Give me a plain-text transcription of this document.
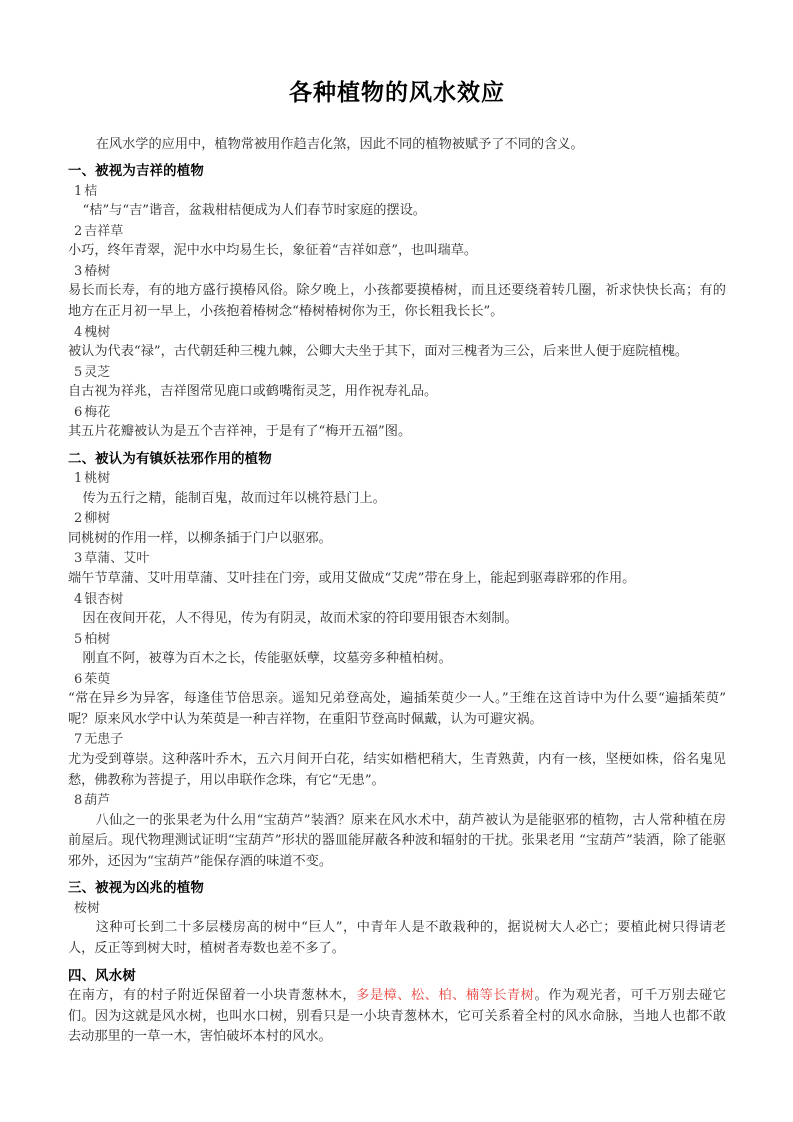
各种植物的风水效应

在风水学的应用中，植物常被用作趋吉化煞，因此不同的植物被赋予了不同的含义。

一、被视为吉祥的植物
1 桔
“桔”与“吉”谐音，盆栽柑桔便成为人们春节时家庭的摆设。
2 吉祥草
小巧，终年青翠，泥中水中均易生长，象征着“吉祥如意”，也叫瑞草。
3 椿树
易长而长寿，有的地方盛行摸椿风俗。除夕晚上，小孩都要摸椿树，而且还要绕着转几圈，祈求快快长高；有的地方在正月初一早上，小孩抱着椿树念“椿树椿树你为王，你长粗我长长”。
4 槐树
被认为代表“禄”，古代朝廷种三槐九棘，公卿大夫坐于其下，面对三槐者为三公，后来世人便于庭院植槐。
5 灵芝
自古视为祥兆，吉祥图常见鹿口或鹤嘴衔灵芝，用作祝寿礼品。
6 梅花
其五片花瓣被认为是五个吉祥神，于是有了“梅开五福”图。
二、被认为有镇妖祛邪作用的植物
1 桃树
传为五行之精，能制百鬼，故而过年以桃符悬门上。
2 柳树
同桃树的作用一样，以柳条插于门户以驱邪。
3 草蒲、艾叶
端午节草蒲、艾叶用草蒲、艾叶挂在门旁，或用艾做成“艾虎”带在身上，能起到驱毒辟邪的作用。
4 银杏树
因在夜间开花，人不得见，传为有阴灵，故而术家的符印要用银杏木刻制。
5 柏树
刚直不阿，被尊为百木之长，传能驱妖孽，坟墓旁多种植柏树。
6 茱萸
“常在异乡为异客，每逢佳节倍思亲。遥知兄弟登高处，遍插茱萸少一人。”王维在这首诗中为什么要“遍插茱萸”呢？原来风水学中认为茱萸是一种吉祥物，在重阳节登高时佩戴，认为可避灾祸。
7 无患子
尤为受到尊崇。这种落叶乔木，五六月间开白花，结实如楷杷稍大，生青熟黄，内有一核，坚梗如株，俗名鬼见愁，佛教称为菩提子，用以串联作念珠，有它“无患”。
8 葫芦
八仙之一的张果老为什么用“宝葫芦”装酒？原来在风水术中，葫芦被认为是能驱邪的植物，古人常种植在房前屋后。现代物理测试证明“宝葫芦”形状的器皿能屏蔽各种波和辐射的干扰。张果老用 “宝葫芦”装酒，除了能驱邪外，还因为“宝葫芦”能保存酒的味道不变。
三、被视为凶兆的植物
桉树
这种可长到二十多层楼房高的树中“巨人”，中青年人是不敢栽种的，据说树大人必亡；要植此树只得请老人，反正等到树大时，植树者寿数也差不多了。
四、风水树
在南方，有的村子附近保留着一小块青葱林木，多是樟、松、柏、楠等长青树。作为观光者，可千万别去碰它们。因为这就是风水树，也叫水口树，别看只是一小块青葱林木，它可关系着全村的风水命脉，当地人也都不敢去动那里的一草一木，害怕破坏本村的风水。
